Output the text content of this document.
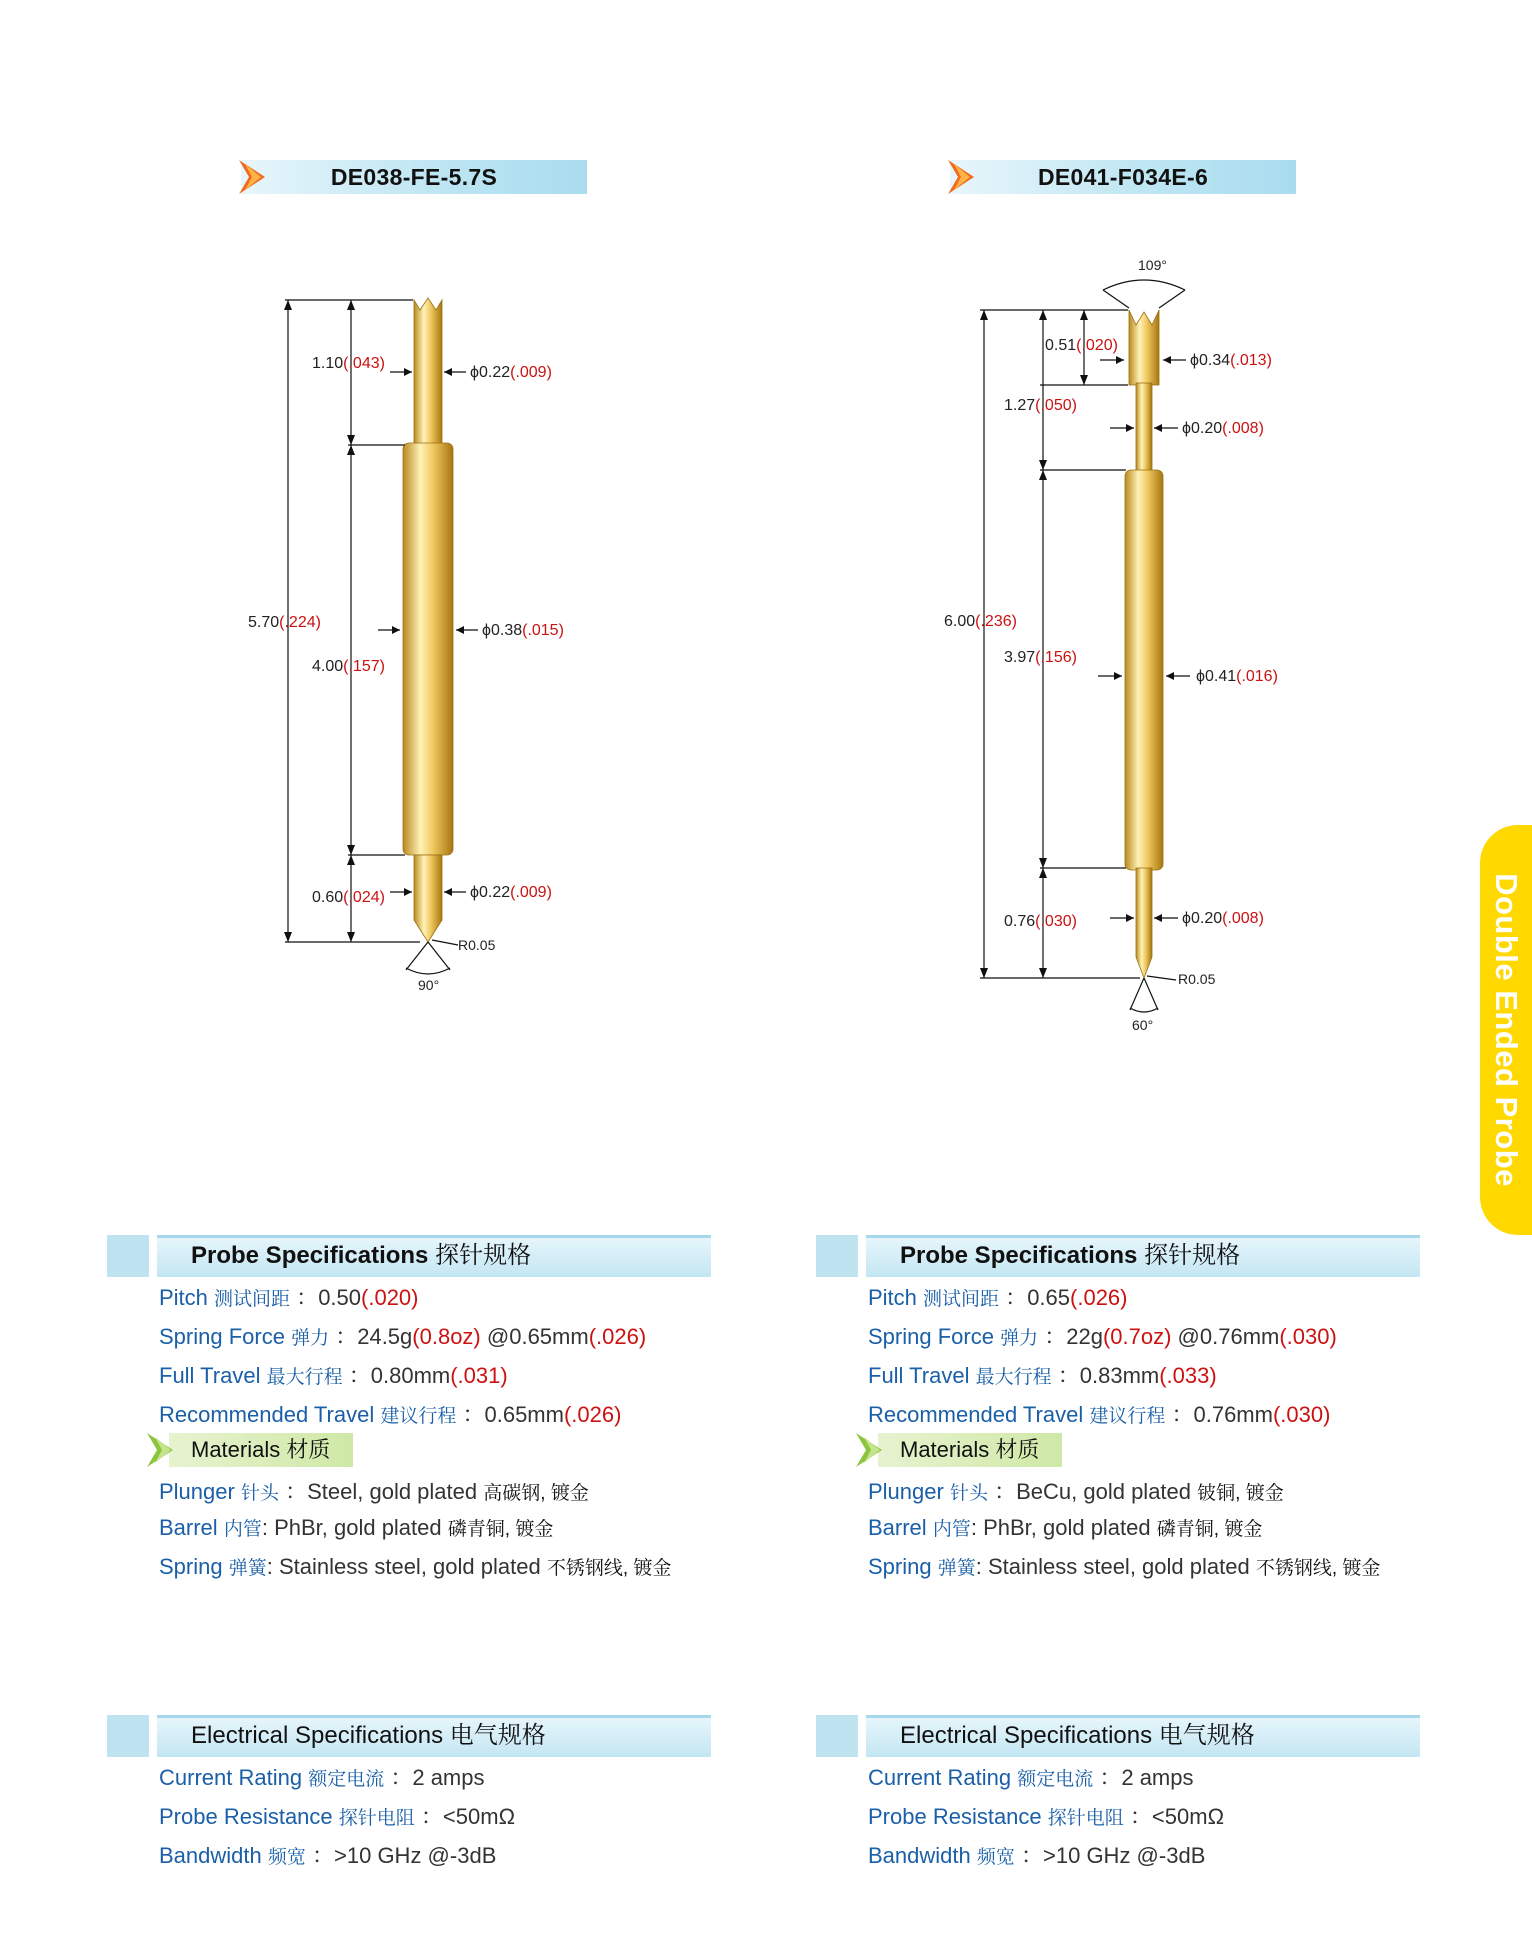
DE038-FE-5.7S	DE041-F034E-6
5.70(.224)
1.10(.043)
4.00(.157)
0.60(.024)
ϕ0.22(.009)
ϕ0.38(.015)
ϕ0.22(.009)
R0.05
90°
6.00(.236)
0.51(.020)
1.27(.050)
3.97(.156)
0.76(.030)
ϕ0.34(.013)
ϕ0.20(.008)
ϕ0.41(.016)
ϕ0.20(.008)
R0.05
60°
109°
Double Ended Probe
Probe Specifications 探针规格
Pitch 测试间距 ：0.50(.020)
Spring Force 弹力 ：24.5g(0.8oz) @0.65mm(.026)
Full Travel 最大行程 ：0.80mm(.031)
Recommended Travel 建议行程 ：0.65mm(.026)
Materials 材质
Plunger 针头 ：Steel, gold plated 高碳钢, 镀金
Barrel 内管: PhBr, gold plated 磷青铜, 镀金
Spring 弹簧: Stainless steel, gold plated 不锈钢线, 镀金
Electrical Specifications 电气规格
Current Rating 额定电流 ：2 amps
Probe Resistance 探针电阻 ：<50mΩ
Bandwidth 频宽 ：>10 GHz @-3dB
Probe Specifications 探针规格
Pitch 测试间距 ：0.65(.026)
Spring Force 弹力 ：22g(0.7oz) @0.76mm(.030)
Full Travel 最大行程 ：0.83mm(.033)
Recommended Travel 建议行程 ：0.76mm(.030)
Materials 材质
Plunger 针头 ：BeCu, gold plated 铍铜, 镀金
Barrel 内管: PhBr, gold plated 磷青铜, 镀金
Spring 弹簧: Stainless steel, gold plated 不锈钢线, 镀金
Electrical Specifications 电气规格
Current Rating 额定电流 ：2 amps
Probe Resistance 探针电阻 ：<50mΩ
Bandwidth 频宽 ：>10 GHz @-3dB
